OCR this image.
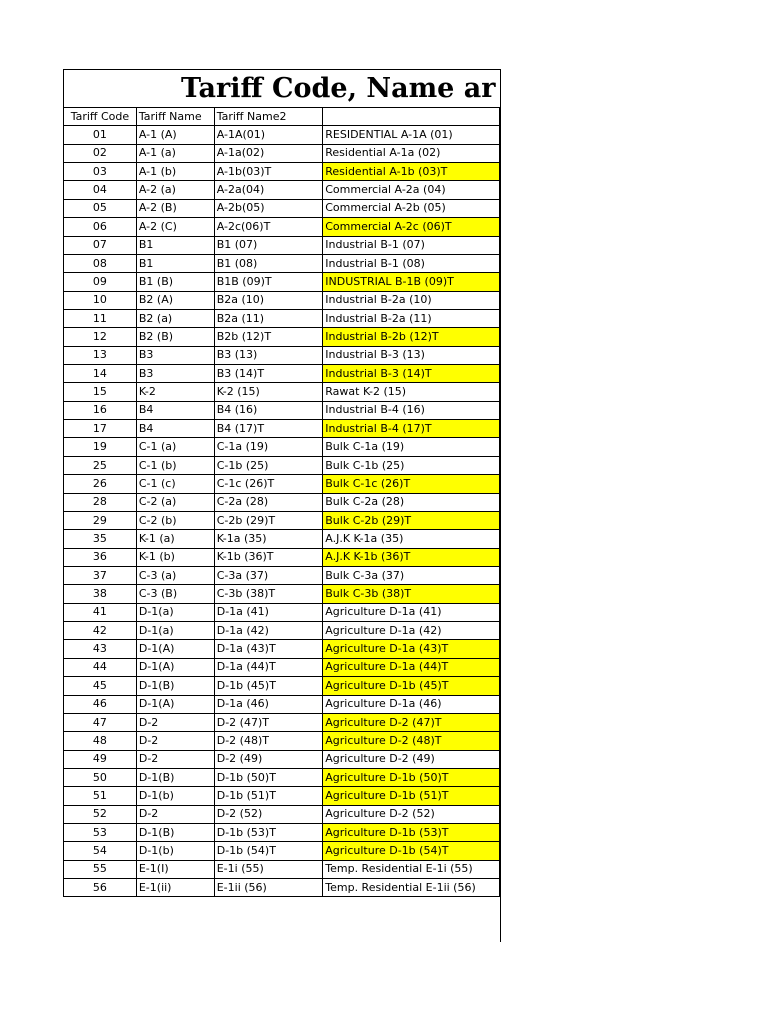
Tariff Code, Name ar
Tariff Code	Tariff Name	Tariff Name2	
01	A-1 (A)	A-1A(01)	RESIDENTIAL A-1A (01)
02	A-1 (a)	A-1a(02)	Residential A-1a (02)
03	A-1 (b)	A-1b(03)T	Residential A-1b (03)T
04	A-2 (a)	A-2a(04)	Commercial A-2a (04)
05	A-2 (B)	A-2b(05)	Commercial A-2b (05)
06	A-2 (C)	A-2c(06)T	Commercial A-2c (06)T
07	B1	B1 (07)	Industrial B-1 (07)
08	B1	B1 (08)	Industrial B-1 (08)
09	B1 (B)	B1B (09)T	INDUSTRIAL B-1B (09)T
10	B2 (A)	B2a (10)	Industrial B-2a (10)
11	B2 (a)	B2a (11)	Industrial B-2a (11)
12	B2 (B)	B2b (12)T	Industrial B-2b (12)T
13	B3	B3 (13)	Industrial B-3 (13)
14	B3	B3 (14)T	Industrial B-3 (14)T
15	K-2	K-2 (15)	Rawat K-2 (15)
16	B4	B4 (16)	Industrial B-4 (16)
17	B4	B4 (17)T	Industrial B-4 (17)T
19	C-1 (a)	C-1a (19)	Bulk C-1a (19)
25	C-1 (b)	C-1b (25)	Bulk C-1b (25)
26	C-1 (c)	C-1c (26)T	Bulk C-1c (26)T
28	C-2 (a)	C-2a (28)	Bulk C-2a (28)
29	C-2 (b)	C-2b (29)T	Bulk C-2b (29)T
35	K-1 (a)	K-1a (35)	A.J.K K-1a (35)
36	K-1 (b)	K-1b (36)T	A.J.K K-1b (36)T
37	C-3 (a)	C-3a (37)	Bulk C-3a (37)
38	C-3 (B)	C-3b (38)T	Bulk C-3b (38)T
41	D-1(a)	D-1a (41)	Agriculture D-1a (41)
42	D-1(a)	D-1a (42)	Agriculture D-1a (42)
43	D-1(A)	D-1a (43)T	Agriculture D-1a (43)T
44	D-1(A)	D-1a (44)T	Agriculture D-1a (44)T
45	D-1(B)	D-1b (45)T	Agriculture D-1b (45)T
46	D-1(A)	D-1a (46)	Agriculture D-1a (46)
47	D-2	D-2 (47)T	Agriculture D-2 (47)T
48	D-2	D-2 (48)T	Agriculture D-2 (48)T
49	D-2	D-2 (49)	Agriculture D-2 (49)
50	D-1(B)	D-1b (50)T	Agriculture D-1b (50)T
51	D-1(b)	D-1b (51)T	Agriculture D-1b (51)T
52	D-2	D-2 (52)	Agriculture D-2 (52)
53	D-1(B)	D-1b (53)T	Agriculture D-1b (53)T
54	D-1(b)	D-1b (54)T	Agriculture D-1b (54)T
55	E-1(I)	E-1i (55)	Temp. Residential E-1i (55)
56	E-1(ii)	E-1ii (56)	Temp. Residential E-1ii (56)
